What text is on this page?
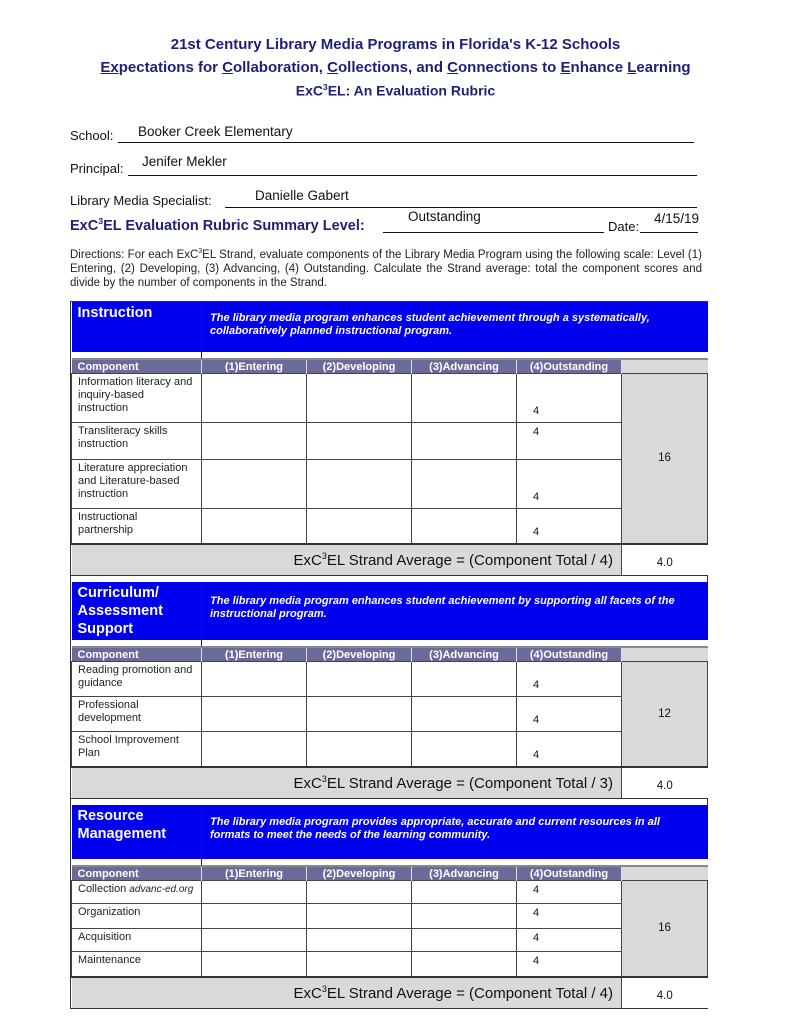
21st Century Library Media Programs in Florida's K-12 Schools
Expectations for Collaboration, Collections, and Connections to Enhance Learning
ExC$^3$EL: An Evaluation Rubric
School: Booker Creek Elementary
Principal: Jenifer Mekler
Library Media Specialist:	Danielle Gabert
ExC$^3$EL Evaluation Rubric Summary Level:
Outstanding
Date:
4/15/19
Directions: For each ExC$^3$EL Strand, evaluate components of the Library Media Program using the following scale: Level (1) Entering, (2) Developing, (3) Advancing, (4) Outstanding. Calculate the Strand average: total the component scores and divide by the number of components in the Strand.
Instruction	The library media program enhances student achievement through a systematically, collaboratively planned instructional program.				

Component	(1)Entering	(2)Developing	(3)Advancing	(4)Outstanding	
Information literacy and inquiry-based instruction				4	16
Transliteracy skills instruction				4	
Literature appreciation and Literature-based instruction				4	
Instructional partnership				4	
ExC$^3$EL Strand Average = (Component Total / 4)					4.0
Curriculum/ Assessment Support	The library media program enhances student achievement by supporting all facets of the instructional program.				

Component	(1)Entering	(2)Developing	(3)Advancing	(4)Outstanding	
Reading promotion and guidance				4	12
Professional development				4	
School Improvement Plan				4	
ExC$^3$EL Strand Average = (Component Total / 3)					4.0
Resource Management	The library media program provides appropriate, accurate and current resources in all formats to meet the needs of the learning community.				

Component	(1)Entering	(2)Developing	(3)Advancing	(4)Outstanding	
Collection advanc-ed.org				4	16
Organization				4	
Acquisition				4	
Maintenance				4	
ExC$^3$EL Strand Average = (Component Total / 4)					4.0
